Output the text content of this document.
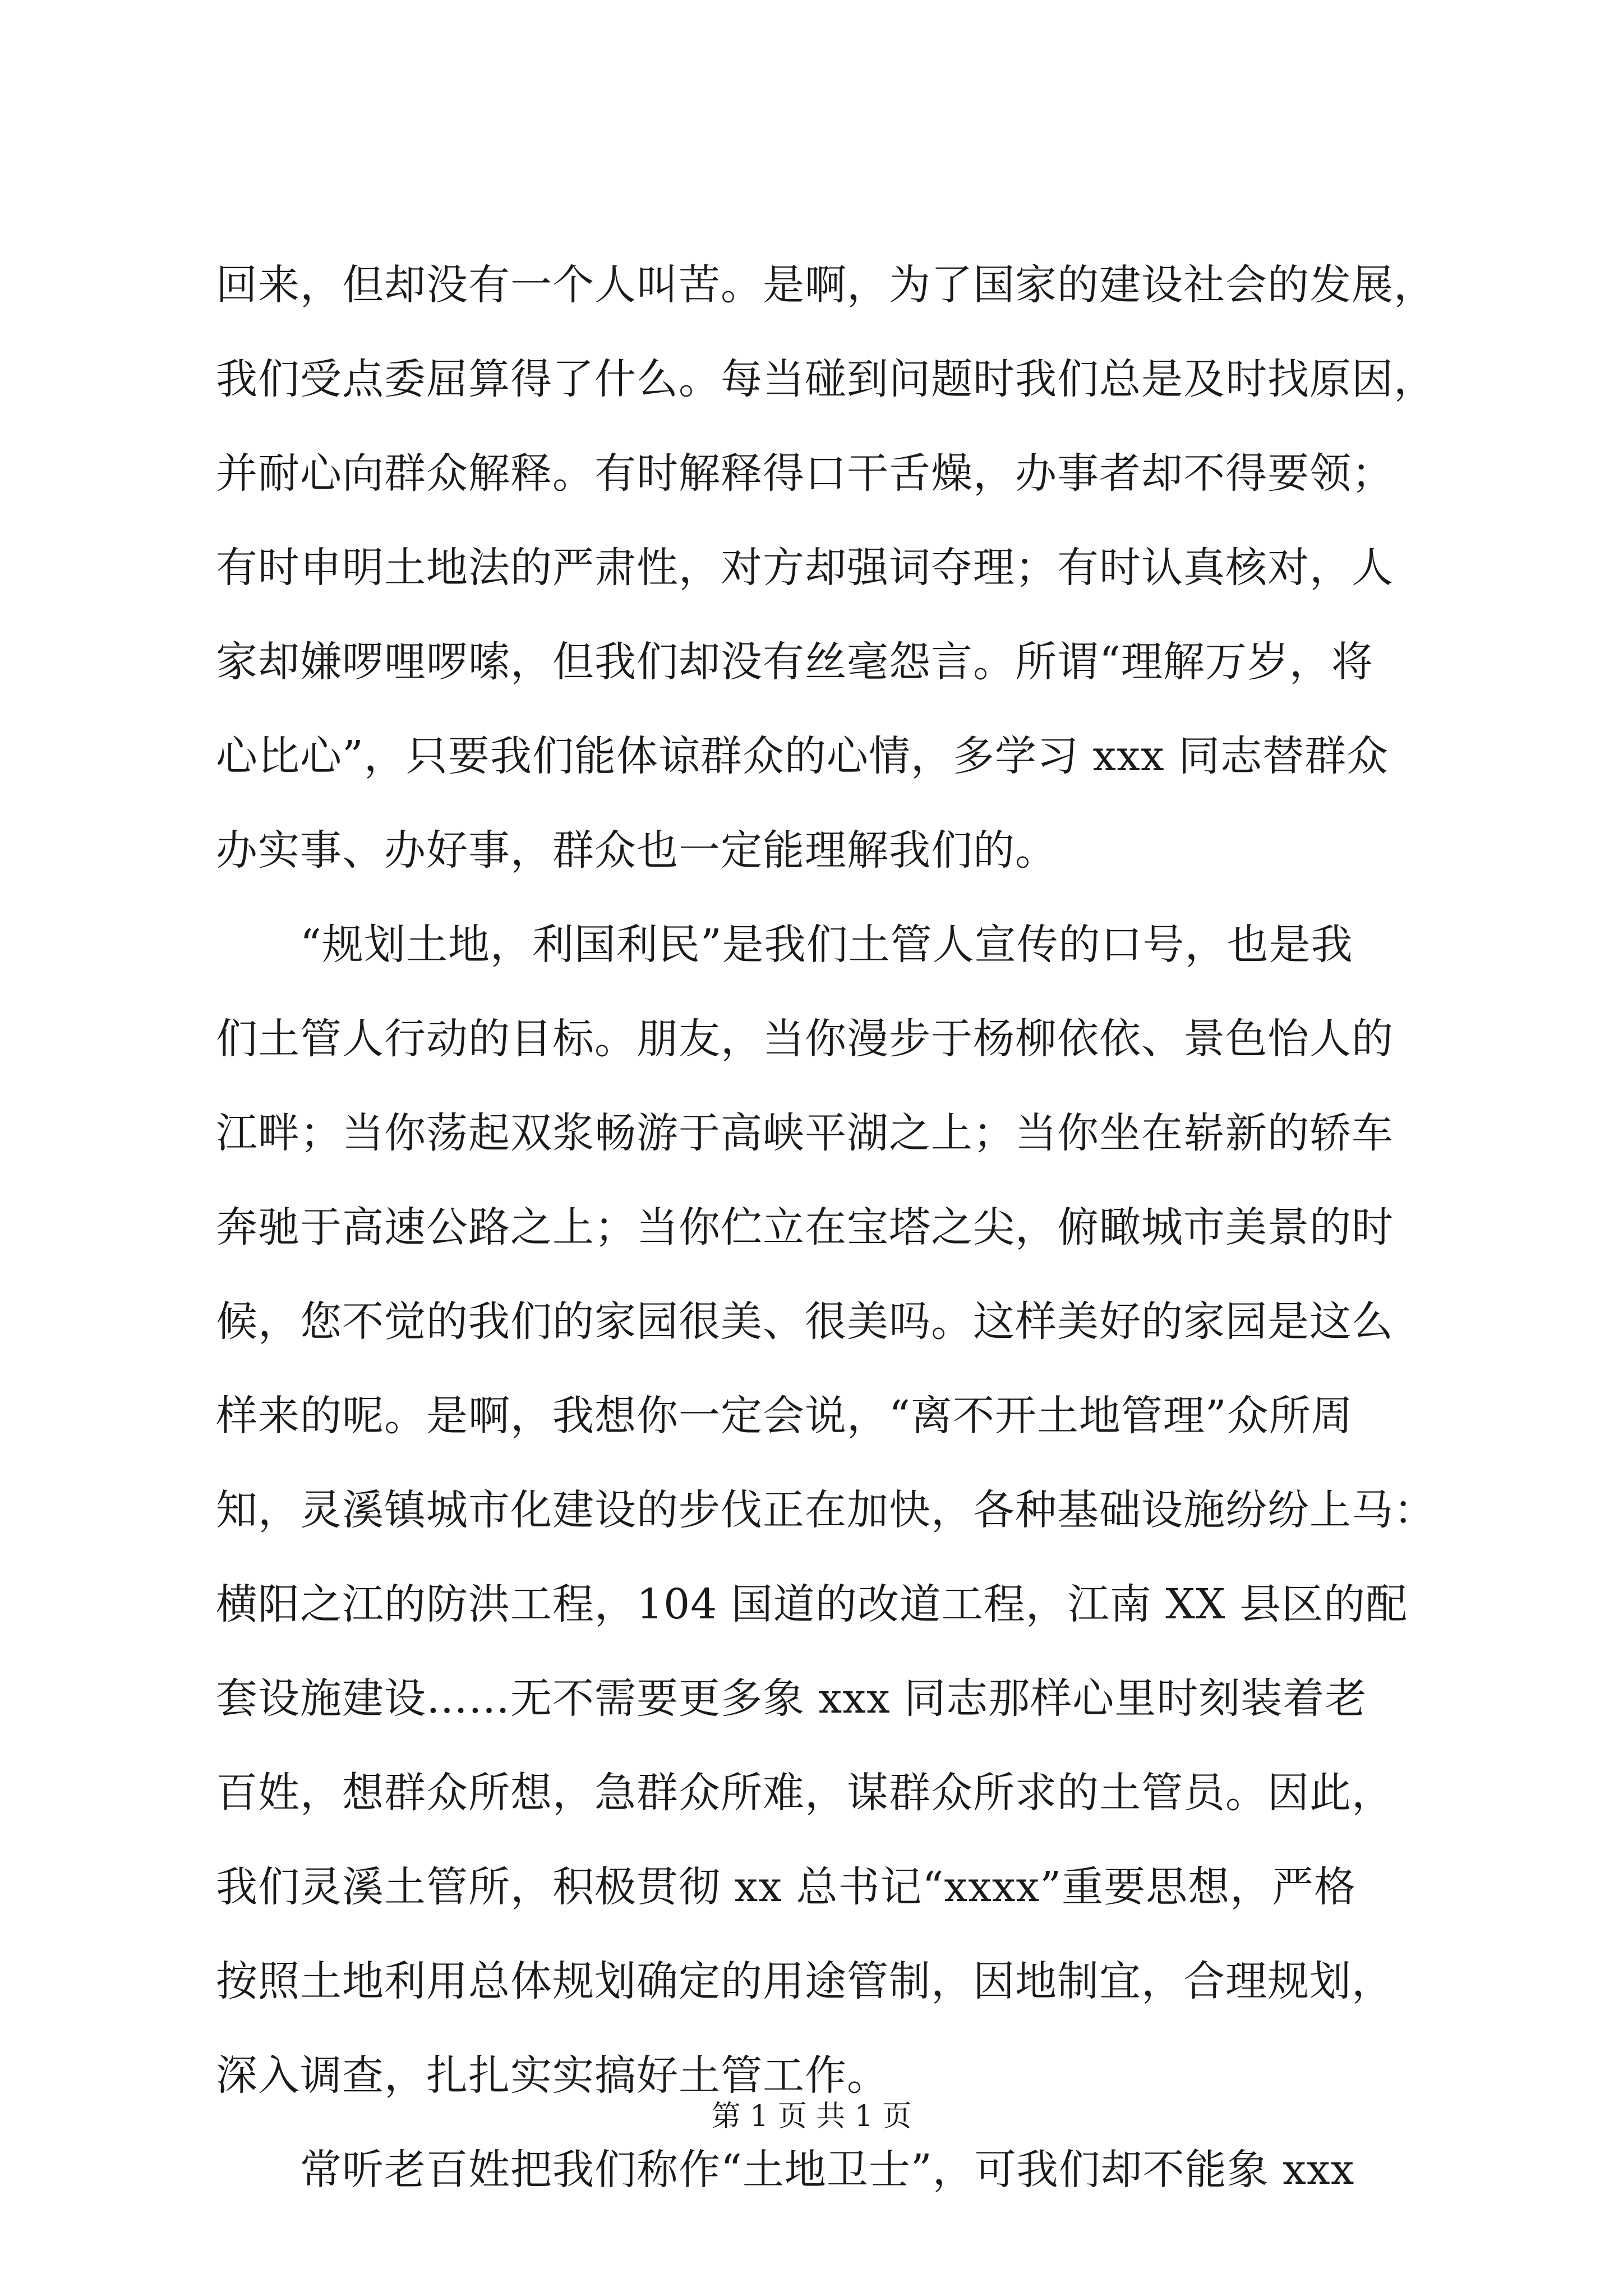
回来，但却没有一个人叫苦。是啊，为了国家的建设社会的发展，
我们受点委屈算得了什么。每当碰到问题时我们总是及时找原因，
并耐心向群众解释。有时解释得口干舌燥，办事者却不得要领；
有时申明土地法的严肃性，对方却强词夺理；有时认真核对，人
家却嫌啰哩啰嗦，但我们却没有丝毫怨言。所谓“理解万岁，将
心比心”，只要我们能体谅群众的心情，多学习 xxx 同志替群众
办实事、办好事，群众也一定能理解我们的。
　　“规划土地，利国利民”是我们土管人宣传的口号，也是我
们土管人行动的目标。朋友，当你漫步于杨柳依依、景色怡人的
江畔；当你荡起双浆畅游于高峡平湖之上；当你坐在崭新的轿车
奔驰于高速公路之上；当你伫立在宝塔之尖，俯瞰城市美景的时
候，您不觉的我们的家园很美、很美吗。这样美好的家园是这么
样来的呢。是啊，我想你一定会说，“离不开土地管理”众所周
知，灵溪镇城市化建设的步伐正在加快，各种基础设施纷纷上马：
横阳之江的防洪工程，104 国道的改道工程，江南 XX 县区的配
套设施建设……无不需要更多象 xxx 同志那样心里时刻装着老
百姓，想群众所想，急群众所难，谋群众所求的土管员。因此，
我们灵溪土管所，积极贯彻 xx 总书记“xxxx”重要思想，严格
按照土地利用总体规划确定的用途管制，因地制宜，合理规划，
深入调查，扎扎实实搞好土管工作。
　　常听老百姓把我们称作“土地卫士”，可我们却不能象 xxx
第 1 页 共 1 页
